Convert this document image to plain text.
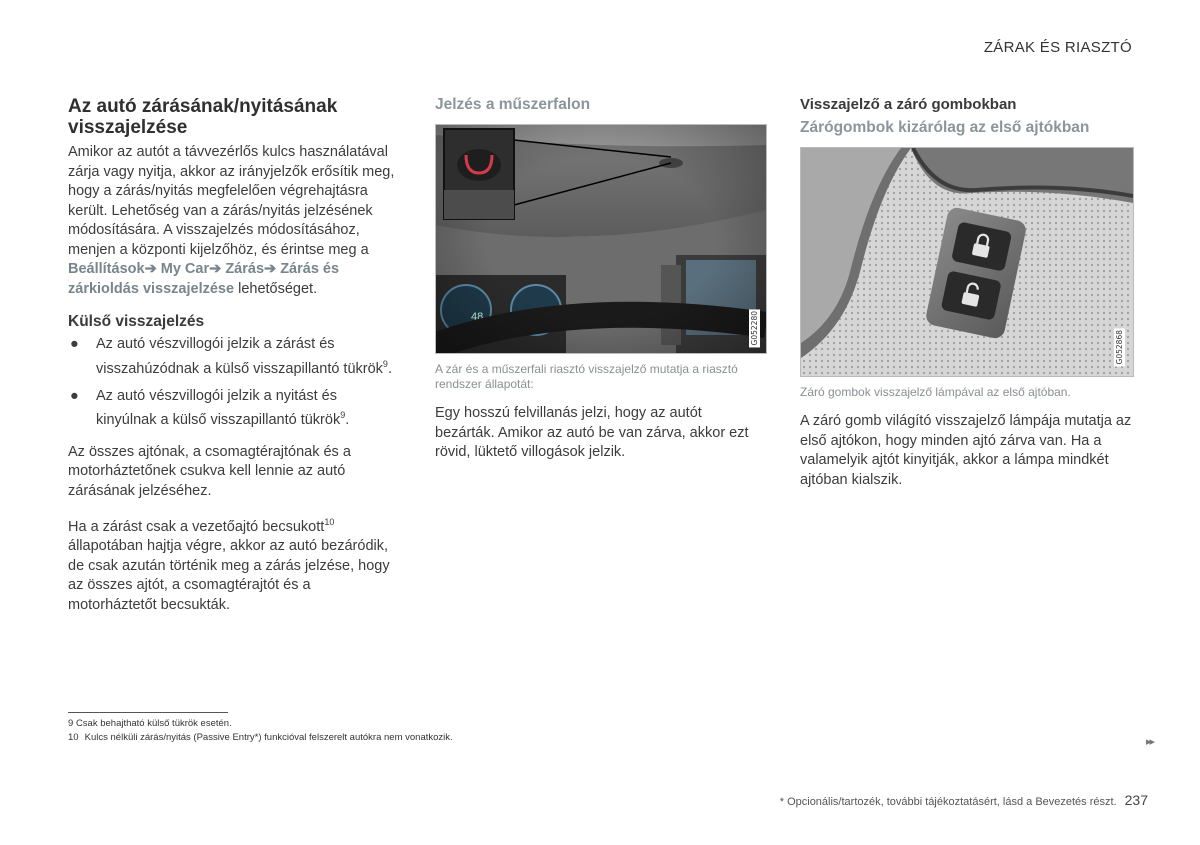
ZÁRAK ÉS RIASZTÓ
Az autó zárásának/nyitásának visszajelzése

Amikor az autót a távvezérlős kulcs használatával zárja vagy nyitja, akkor az irányjelzők erősítik meg, hogy a zárás/nyitás megfelelően végrehajtásra került. Lehetőség van a zárás/nyitás jelzésének módosítására. A visszajelzés módosításához, menjen a központi kijelzőhöz, és érintse meg a Beállítások➔ My Car➔ Zárás➔ Zárás és zárkioldás visszajelzése lehetőséget.

Külső visszajelzés
● Az autó vészvillogói jelzik a zárást és visszahúzódnak a külső visszapillantó tükrök$^9$.
● Az autó vészvillogói jelzik a nyitást és kinyúlnak a külső visszapillantó tükrök$^9$.

Az összes ajtónak, a csomagtérajtónak és a motorháztetőnek csukva kell lennie az autó zárásának jelzéséhez.

Ha a zárást csak a vezetőajtó becsukott$^{10}$ állapotában hajtja végre, akkor az autó bezáródik, de csak azután történik meg a zárás jelzése, hogy az összes ajtót, a csomagtérajtót és a motorháztetőt becsukták.

Jelzés a műszerfalon
G052280
A zár és a műszerfali riasztó visszajelző mutatja a riasztó rendszer állapotát:

Egy hosszú felvillanás jelzi, hogy az autót bezárták. Amikor az autó be van zárva, akkor ezt rövid, lüktető villogások jelzik.

Visszajelző a záró gombokban
Zárógombok kizárólag az első ajtókban
G052868
Záró gombok visszajelző lámpával az első ajtóban.

A záró gomb világító visszajelző lámpája mutatja az első ajtókon, hogy minden ajtó zárva van. Ha a valamelyik ajtót kinyitják, akkor a lámpa mindkét ajtóban kialszik.

9 Csak behajtható külső tükrök esetén.
10 Kulcs nélküli zárás/nyitás (Passive Entry*) funkcióval felszerelt autókra nem vonatkozik.	▸▸
* Opcionális/tartozék, további tájékoztatásért, lásd a Bevezetés részt. 237
